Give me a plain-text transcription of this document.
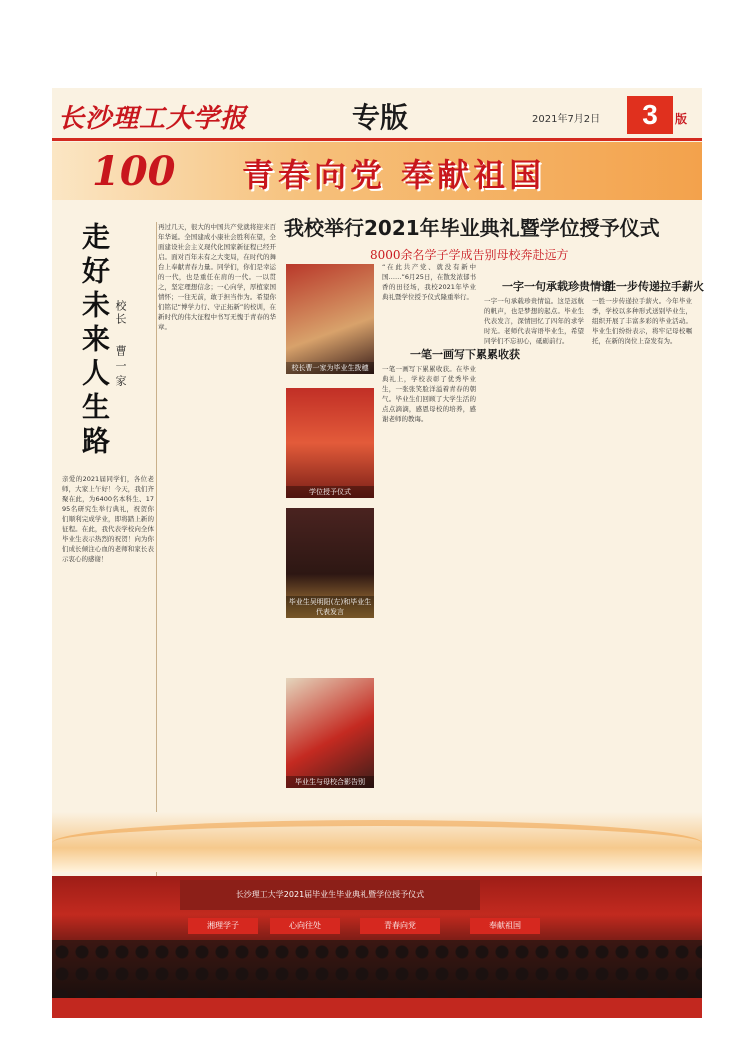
长沙理工大学报	专版	2021年7月2日	3	版
100 青春向党 奉献祖国
走好未来人生路 校长
曹一家
亲爱的2021届同学们，各位老师，大家上午好！今天，我们齐聚在此，为6400名本科生、1795名研究生举行典礼，祝贺你们顺利完成学业，即将踏上新的征程。在此，我代表学校向全体毕业生表示热烈的祝贺！向为你们成长倾注心血的老师和家长表示衷心的感谢！
再过几天，很大的中国共产党就将迎来百年华诞。全国建成小康社会胜利在望，全面建设社会主义现代化国家新征程已经开启。面对百年未有之大变局，在时代的舞台上奉献青春力量。同学们，你们是幸运的一代，也是重任在肩的一代。一以贯之，坚定理想信念；一心向学，厚植家国情怀；一往无前，敢于担当作为。希望你们铭记“博学力行、守正拓新”的校训，在新时代的伟大征程中书写无愧于青春的华章。
我校举行2021年毕业典礼暨学位授予仪式
8000余名学子学成告别母校奔赴远方
校长曹一家为毕业生拨穗
学位授予仪式
毕业生吴明阳(左)和毕业生代表发言
毕业生与母校合影告别
“在此共产党、就没有新中国……”6月25日，在散发浓郁书香的田径场，我校2021年毕业典礼暨学位授予仪式隆重举行。
一笔一画写下累累收获
一笔一画写下累累收获。在毕业典礼上，学校表彰了优秀毕业生，一张张笑脸洋溢着青春的朝气。毕业生们回顾了大学生活的点点滴滴，感恩母校的培养，感谢老师的教诲。
一字一句承载珍贵情谊
一字一句承载珍贵情谊。这是远航的帆声，也是梦想的起点。毕业生代表发言，深情回忆了四年的求学时光。老师代表寄语毕业生，希望同学们不忘初心，砥砺前行。
一胜一步传递拉手薪火
一胜一步传递拉手薪火。今年毕业季，学校以多种形式送别毕业生，组织开展了丰富多彩的毕业活动。毕业生们纷纷表示，将牢记母校嘱托，在新的岗位上奋发有为。
长沙理工大学2021届毕业生毕业典礼暨学位授予仪式
湘理学子	心向往处	青春向党	奉献祖国
